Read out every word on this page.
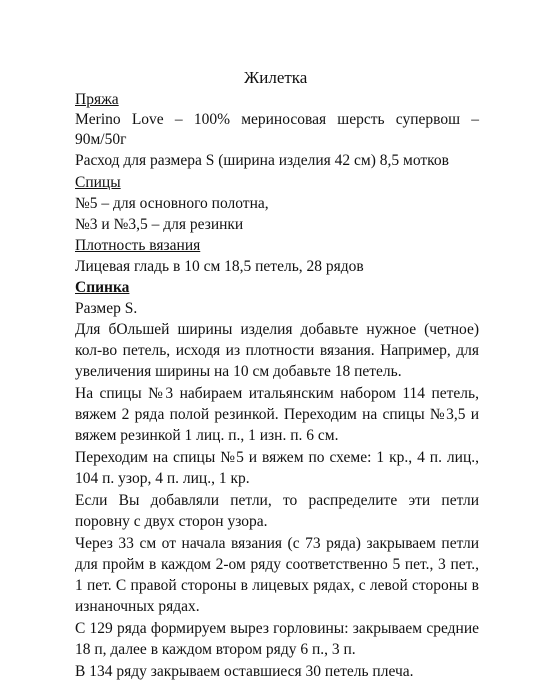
Жилетка
Пряжа
Merino Love – 100% мериносовая шерсть супервош –
90м/50г
Расход для размера S (ширина изделия 42 см) 8,5 мотков
Спицы
№5 – для основного полотна,
№3 и №3,5 – для резинки
Плотность вязания
Лицевая гладь в 10 см 18,5 петель, 28 рядов
Спинка
Размер S.
Для бОльшей ширины изделия добавьте нужное (четное)
кол-во петель, исходя из плотности вязания. Например, для
увеличения ширины на 10 см добавьте 18 петель.
На спицы №3 набираем итальянским набором 114 петель,
вяжем 2 ряда полой резинкой. Переходим на спицы №3,5 и
вяжем резинкой 1 лиц. п., 1 изн. п. 6 см.
Переходим на спицы №5 и вяжем по схеме: 1 кр., 4 п. лиц.,
104 п. узор, 4 п. лиц., 1 кр.
Если Вы добавляли петли, то распределите эти петли
поровну с двух сторон узора.
Через 33 см от начала вязания (с 73 ряда) закрываем петли
для пройм в каждом 2-ом ряду соответственно 5 пет., 3 пет.,
1 пет. С правой стороны в лицевых рядах, с левой стороны в
изнаночных рядах.
С 129 ряда формируем вырез горловины: закрываем средние
18 п, далее в каждом втором ряду 6 п., 3 п.
В 134 ряду закрываем оставшиеся 30 петель плеча.
